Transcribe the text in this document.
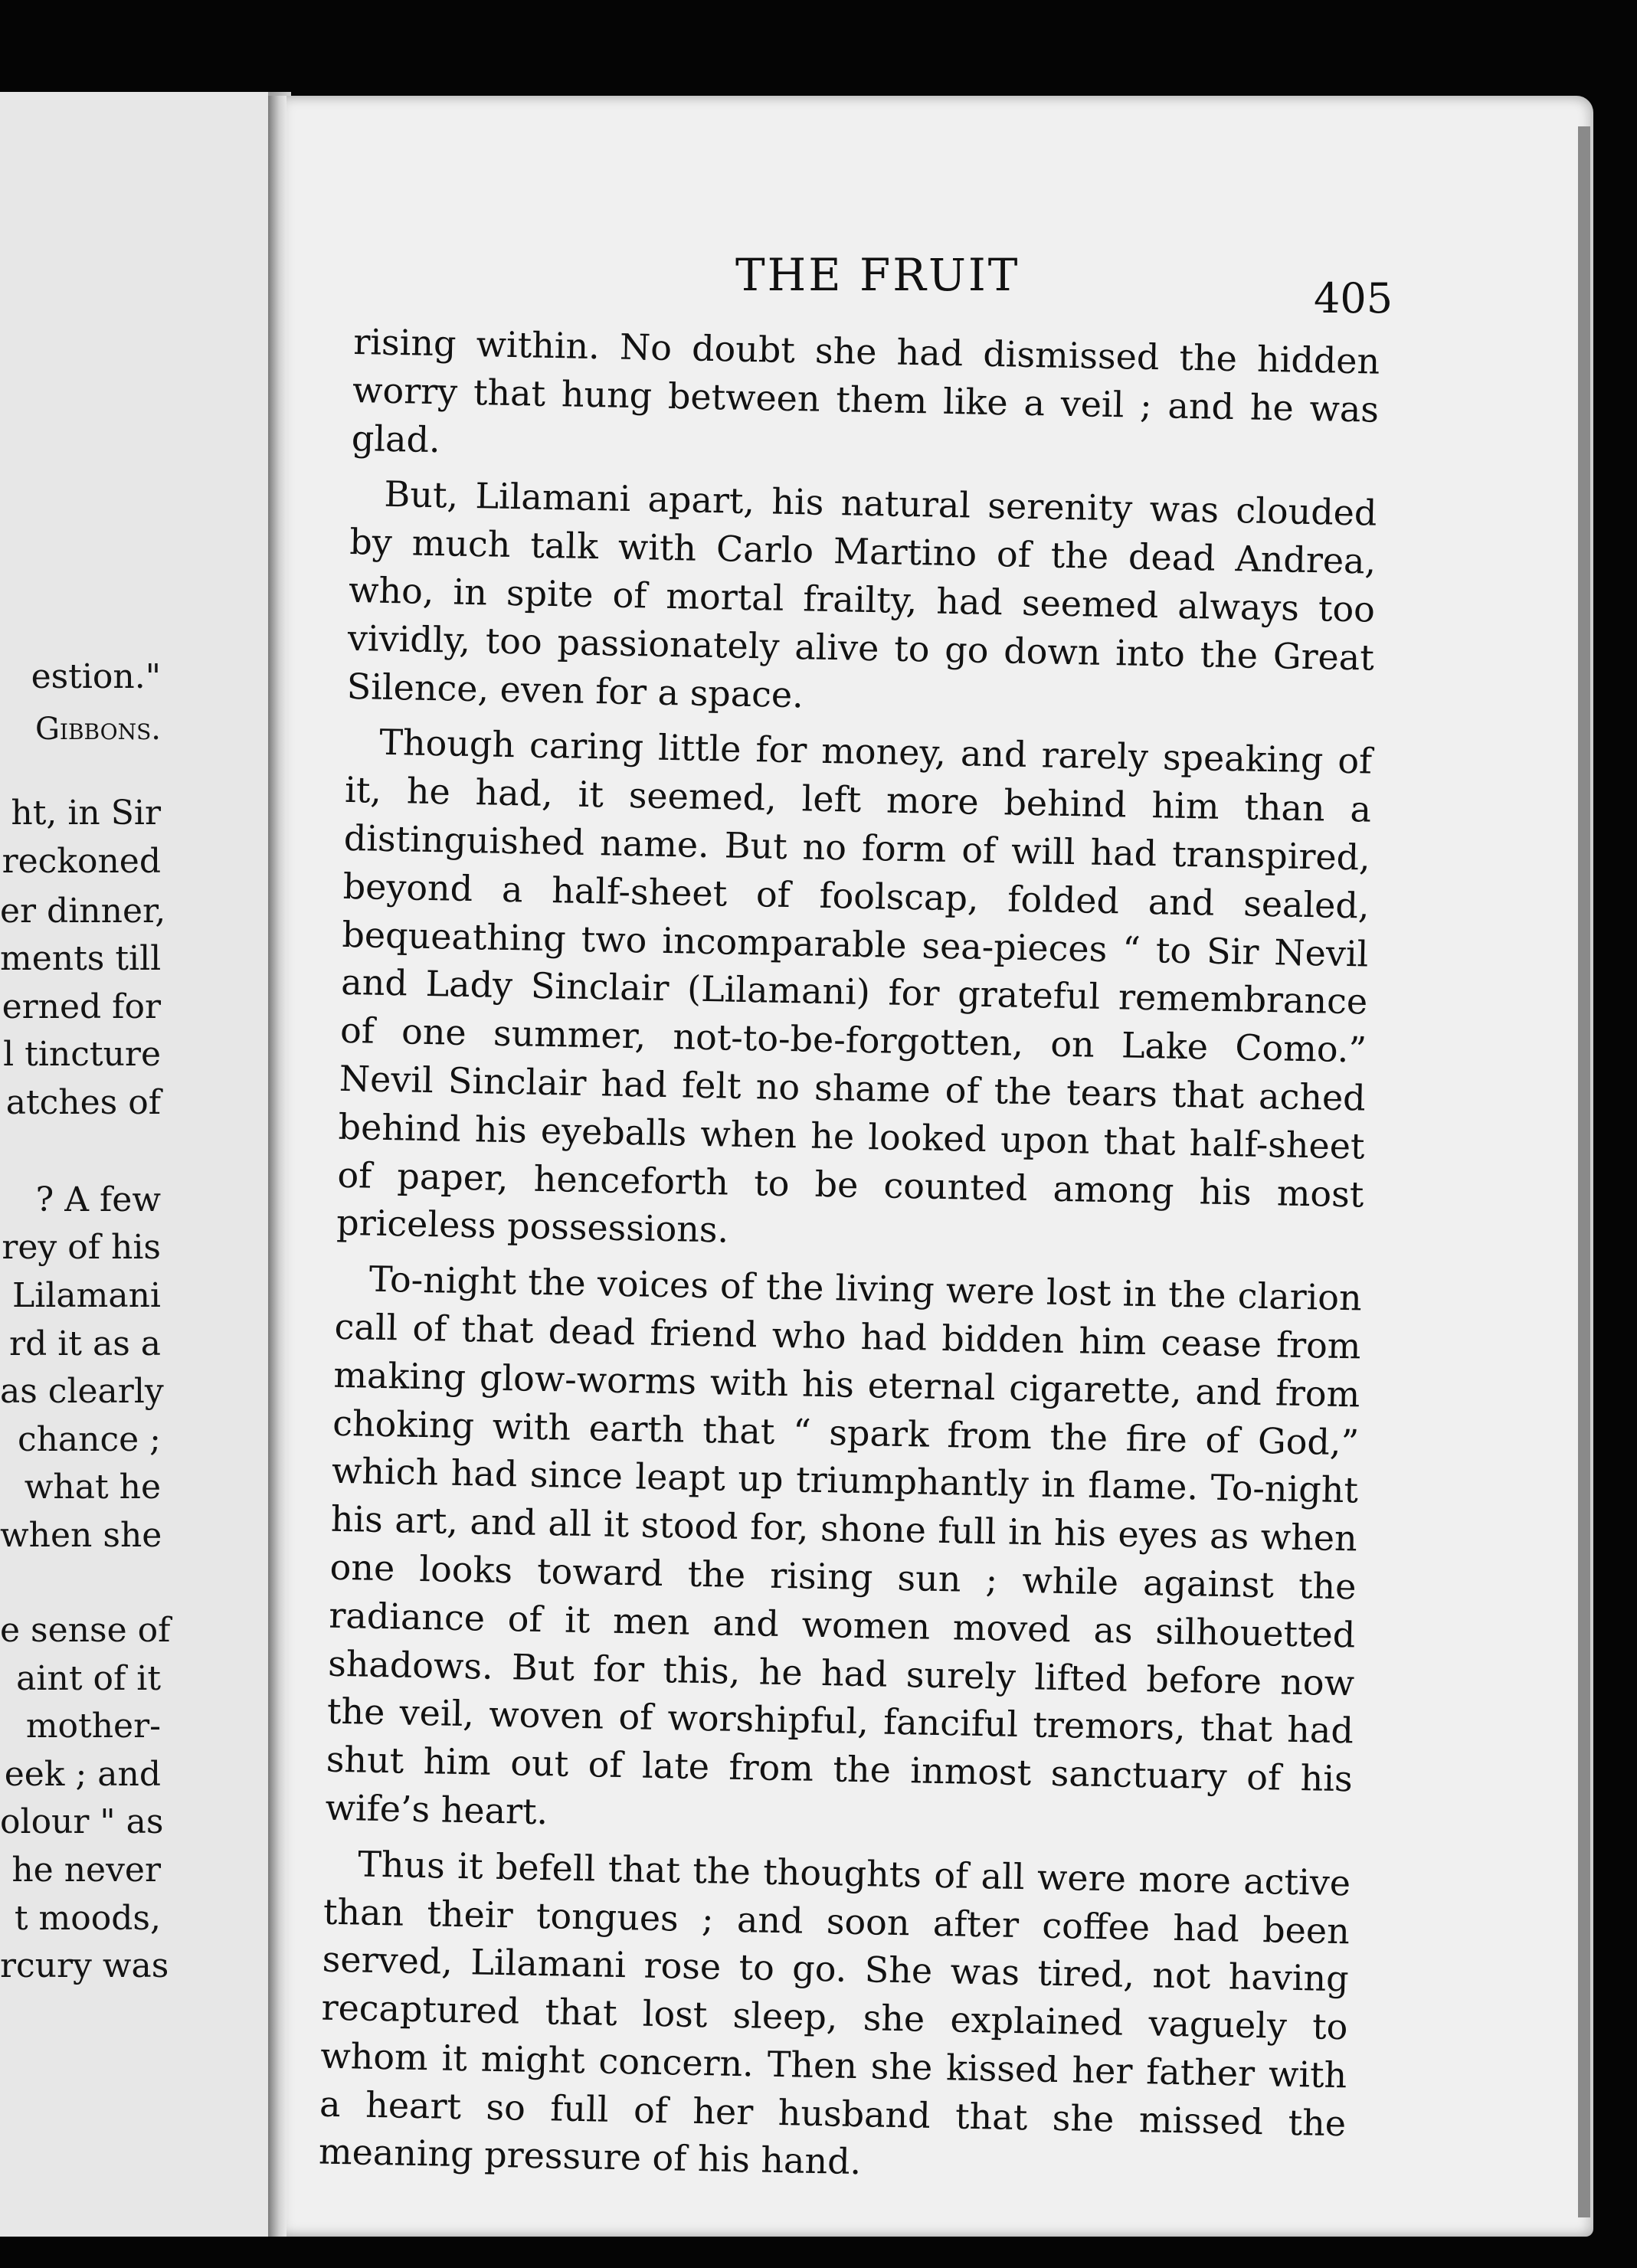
estion."
Gibbons.
ht, in Sir
reckoned
er dinner,
ments till
erned for
l tincture
atches of
? A few
rey of his
Lilamani
rd it as a
as clearly
chance ;
what he
when she
e sense of
aint of it
mother-
eek ; and
olour " as
he never
t moods,
rcury was
THE FRUIT	405

rising within. No doubt she had dismissed the hidden worry that hung between them like a veil ; and he was glad.

But, Lilamani apart, his natural serenity was clouded by much talk with Carlo Martino of the dead Andrea, who, in spite of mortal frailty, had seemed always too vividly, too passionately alive to go down into the Great Silence, even for a space.

Though caring little for money, and rarely speaking of it, he had, it seemed, left more behind him than a distinguished name. But no form of will had transpired, beyond a half-sheet of foolscap, folded and sealed, bequeathing two incomparable sea-pieces “ to Sir Nevil and Lady Sinclair (Lilamani) for grateful remembrance of one summer, not-to-be-forgotten, on Lake Como.” Nevil Sinclair had felt no shame of the tears that ached behind his eyeballs when he looked upon that half-sheet of paper, henceforth to be counted among his most priceless possessions.

To-night the voices of the living were lost in the clarion call of that dead friend who had bidden him cease from making glow-worms with his eternal cigarette, and from choking with earth that “ spark from the fire of God,” which had since leapt up triumphantly in flame. To-night his art, and all it stood for, shone full in his eyes as when one looks toward the rising sun ; while against the radiance of it men and women moved as silhouetted shadows. But for this, he had surely lifted before now the veil, woven of worshipful, fanciful tremors, that had shut him out of late from the inmost sanctuary of his wife’s heart.

Thus it befell that the thoughts of all were more active than their tongues ; and soon after coffee had been served, Lilamani rose to go. She was tired, not having recaptured that lost sleep, she explained vaguely to whom it might concern. Then she kissed her father with a heart so full of her husband that she missed the meaning pressure of his hand.
